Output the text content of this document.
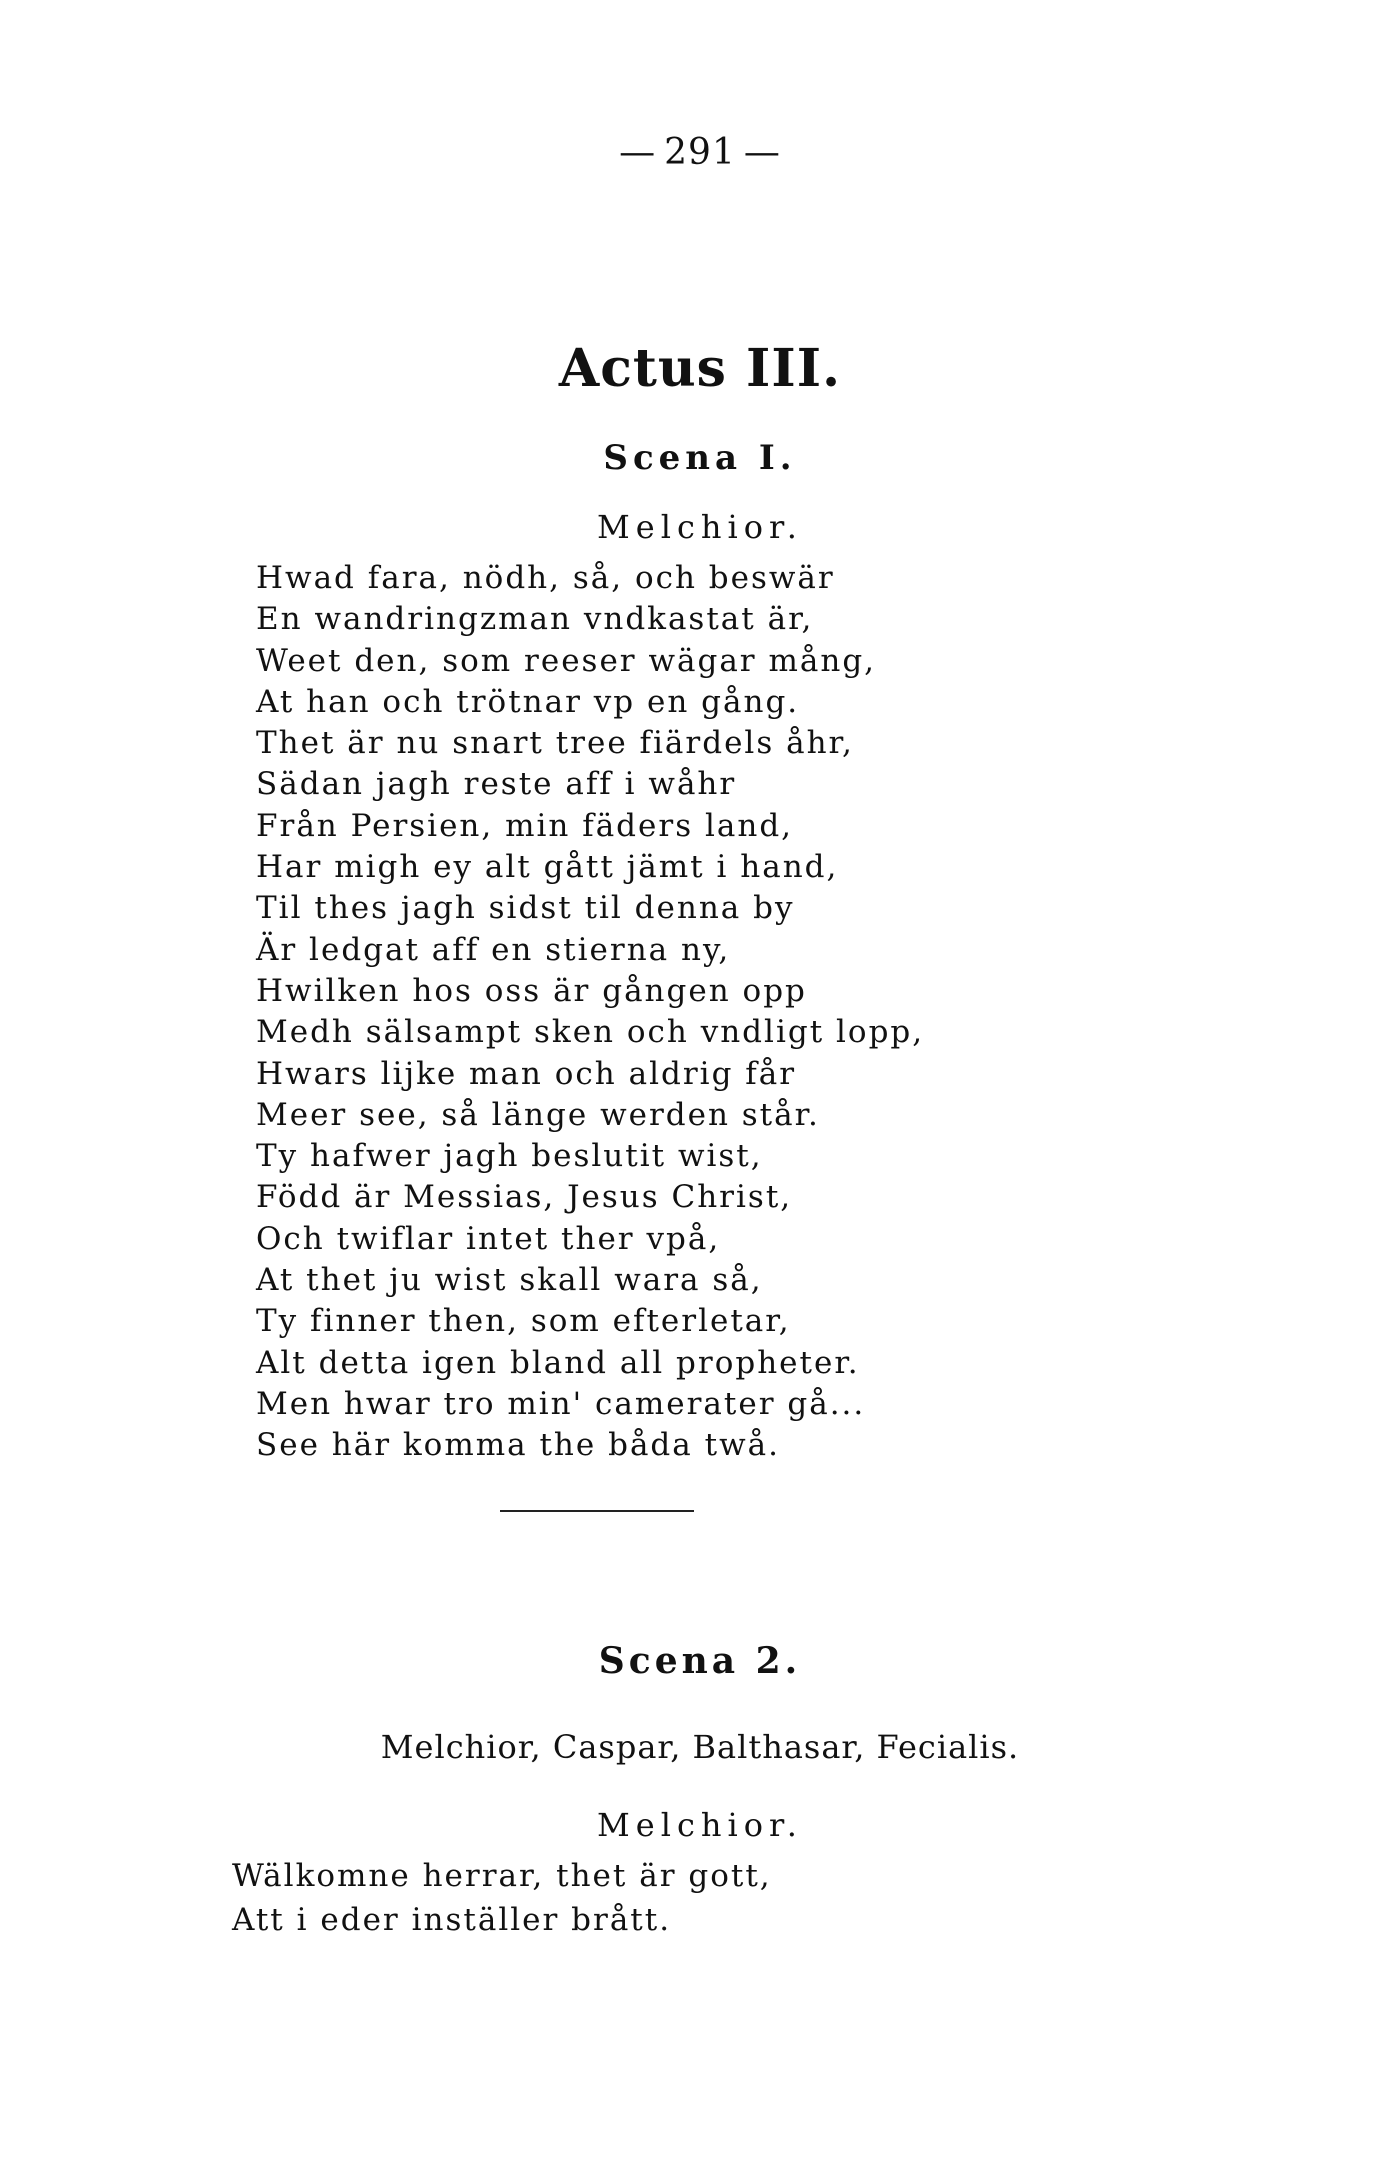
— 291 —
Actus III.
Scena I.
Melchior.
Hwad fara, nödh, så, och beswär
En wandringzman vndkastat är,
Weet den, som reeser wägar mång,
At han och trötnar vp en gång.
Thet är nu snart tree fiärdels åhr,
Sädan jagh reste aff i wåhr
Från Persien, min fäders land,
Har migh ey alt gått jämt i hand,
Til thes jagh sidst til denna by
Är ledgat aff en stierna ny,
Hwilken hos oss är gången opp
Medh sälsampt sken och vndligt lopp,
Hwars lijke man och aldrig får
Meer see, så länge werden står.
Ty hafwer jagh beslutit wist,
Född är Messias, Jesus Christ,
Och twiflar intet ther vpå,
At thet ju wist skall wara så,
Ty finner then, som efterletar,
Alt detta igen bland all propheter.
Men hwar tro min' camerater gå...
See här komma the båda twå.
Scena 2.
Melchior, Caspar, Balthasar, Fecialis.
Melchior.
Wälkomne herrar, thet är gott,
Att i eder inställer brått.
